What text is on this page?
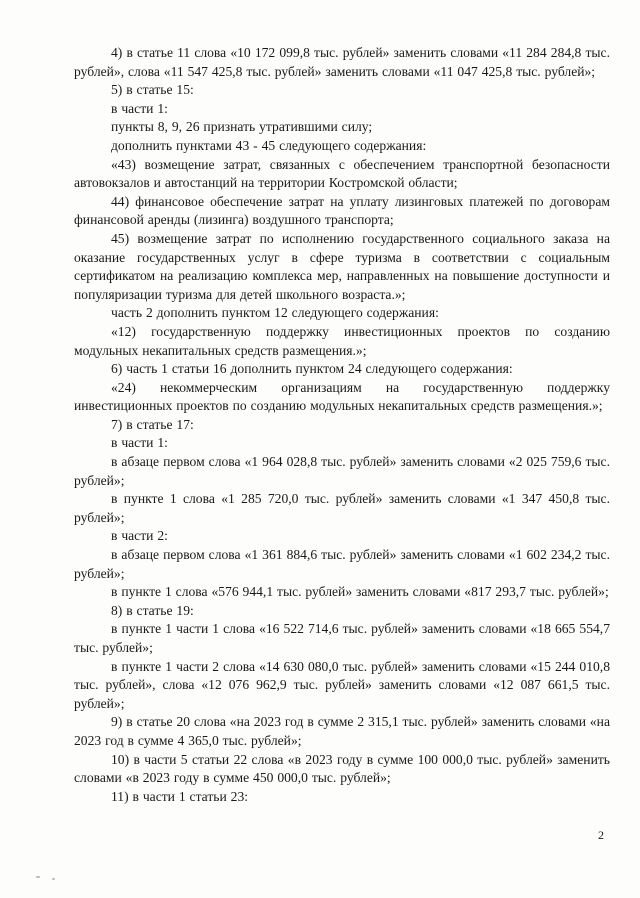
4) в статье 11 слова «10 172 099,8 тыс. рублей» заменить словами «11 284 284,8 тыс. рублей», слова «11 547 425,8 тыс. рублей» заменить словами «11 047 425,8 тыс. рублей»;

5) в статье 15:

в части 1:

пункты 8, 9, 26 признать утратившими силу;

дополнить пунктами 43 - 45 следующего содержания:

«43) возмещение затрат, связанных с обеспечением транспортной безопасности автовокзалов и автостанций на территории Костромской области;

44) финансовое обеспечение затрат на уплату лизинговых платежей по договорам финансовой аренды (лизинга) воздушного транспорта;

45) возмещение затрат по исполнению государственного социального заказа на оказание государственных услуг в сфере туризма в соответствии с социальным сертификатом на реализацию комплекса мер, направленных на повышение доступности и популяризации туризма для детей школьного возраста.»;

часть 2 дополнить пунктом 12 следующего содержания:

«12) государственную поддержку инвестиционных проектов по созданию модульных некапитальных средств размещения.»;

6) часть 1 статьи 16 дополнить пунктом 24 следующего содержания:

«24) некоммерческим организациям на государственную поддержку инвестиционных проектов по созданию модульных некапитальных средств размещения.»;

7) в статье 17:

в части 1:

в абзаце первом слова «1 964 028,8 тыс. рублей» заменить словами «2 025 759,6 тыс. рублей»;

в пункте 1 слова «1 285 720,0 тыс. рублей» заменить словами «1 347 450,8 тыс. рублей»;

в части 2:

в абзаце первом слова «1 361 884,6 тыс. рублей» заменить словами «1 602 234,2 тыс. рублей»;

в пункте 1 слова «576 944,1 тыс. рублей» заменить словами «817 293,7 тыс. рублей»;

8) в статье 19:

в пункте 1 части 1 слова «16 522 714,6 тыс. рублей» заменить словами «18 665 554,7 тыс. рублей»;

в пункте 1 части 2 слова «14 630 080,0 тыс. рублей» заменить словами «15 244 010,8 тыс. рублей», слова «12 076 962,9 тыс. рублей» заменить словами «12 087 661,5 тыс. рублей»;

9) в статье 20 слова «на 2023 год в сумме 2 315,1 тыс. рублей» заменить словами «на 2023 год в сумме 4 365,0 тыс. рублей»;

10) в части 5 статьи 22 слова «в 2023 году в сумме 100 000,0 тыс. рублей» заменить словами «в 2023 году в сумме 450 000,0 тыс. рублей»;

11) в части 1 статьи 23:

2
